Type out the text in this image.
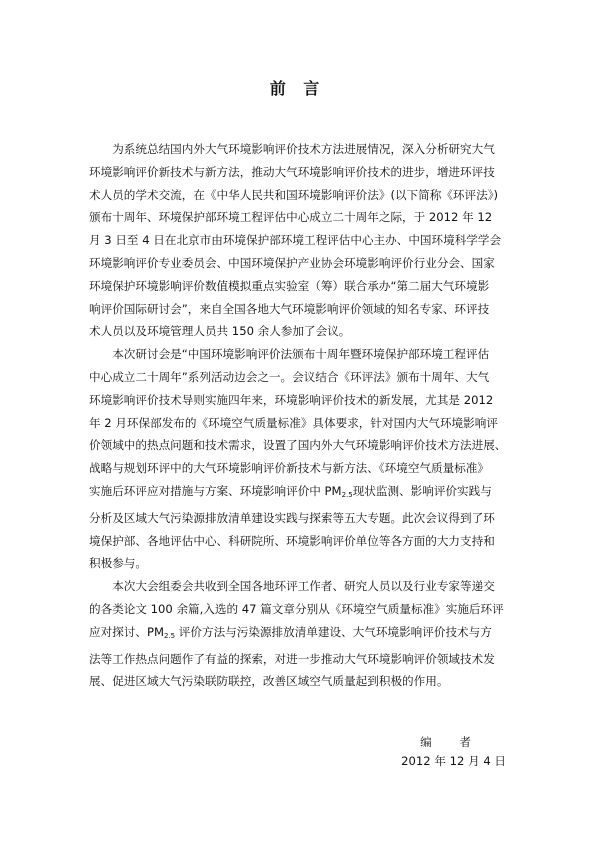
前 言

为系统总结国内外大气环境影响评价技术方法进展情况，深入分析研究大气
环境影响评价新技术与新方法，推动大气环境影响评价技术的进步，增进环评技
术人员的学术交流，在《中华人民共和国环境影响评价法》(以下简称《环评法》)
颁布十周年、环境保护部环境工程评估中心成立二十周年之际，于 2012 年 12
月 3 日至 4 日在北京市由环境保护部环境工程评估中心主办、中国环境科学学会
环境影响评价专业委员会、中国环境保护产业协会环境影响评价行业分会、国家
环境保护环境影响评价数值模拟重点实验室（筹）联合承办“第二届大气环境影
响评价国际研讨会”，来自全国各地大气环境影响评价领域的知名专家、环评技
术人员以及环境管理人员共 150 余人参加了会议。

本次研讨会是“中国环境影响评价法颁布十周年暨环境保护部环境工程评估
中心成立二十周年”系列活动边会之一。会议结合《环评法》颁布十周年、大气
环境影响评价技术导则实施四年来，环境影响评价技术的新发展，尤其是 2012
年 2 月环保部发布的《环境空气质量标准》具体要求，针对国内大气环境影响评
价领域中的热点问题和技术需求，设置了国内外大气环境影响评价技术方法进展、
战略与规划环评中的大气环境影响评价新技术与新方法、《环境空气质量标准》
实施后环评应对措施与方案、环境影响评价中 $PM_{2.5}$现状监测、影响评价实践与
分析及区域大气污染源排放清单建设实践与探索等五大专题。此次会议得到了环
境保护部、各地评估中心、科研院所、环境影响评价单位等各方面的大力支持和
积极参与。

本次大会组委会共收到全国各地环评工作者、研究人员以及行业专家等递交
的各类论文 100 余篇,入选的 47 篇文章分别从《环境空气质量标准》实施后环评
应对探讨、$PM_{2.5}$ 评价方法与污染源排放清单建设、大气环境影响评价技术与方
法等工作热点问题作了有益的探索，对进一步推动大气环境影响评价领域技术发
展、促进区域大气污染联防联控，改善区域空气质量起到积极的作用。

编 者
2012 年 12 月 4 日
